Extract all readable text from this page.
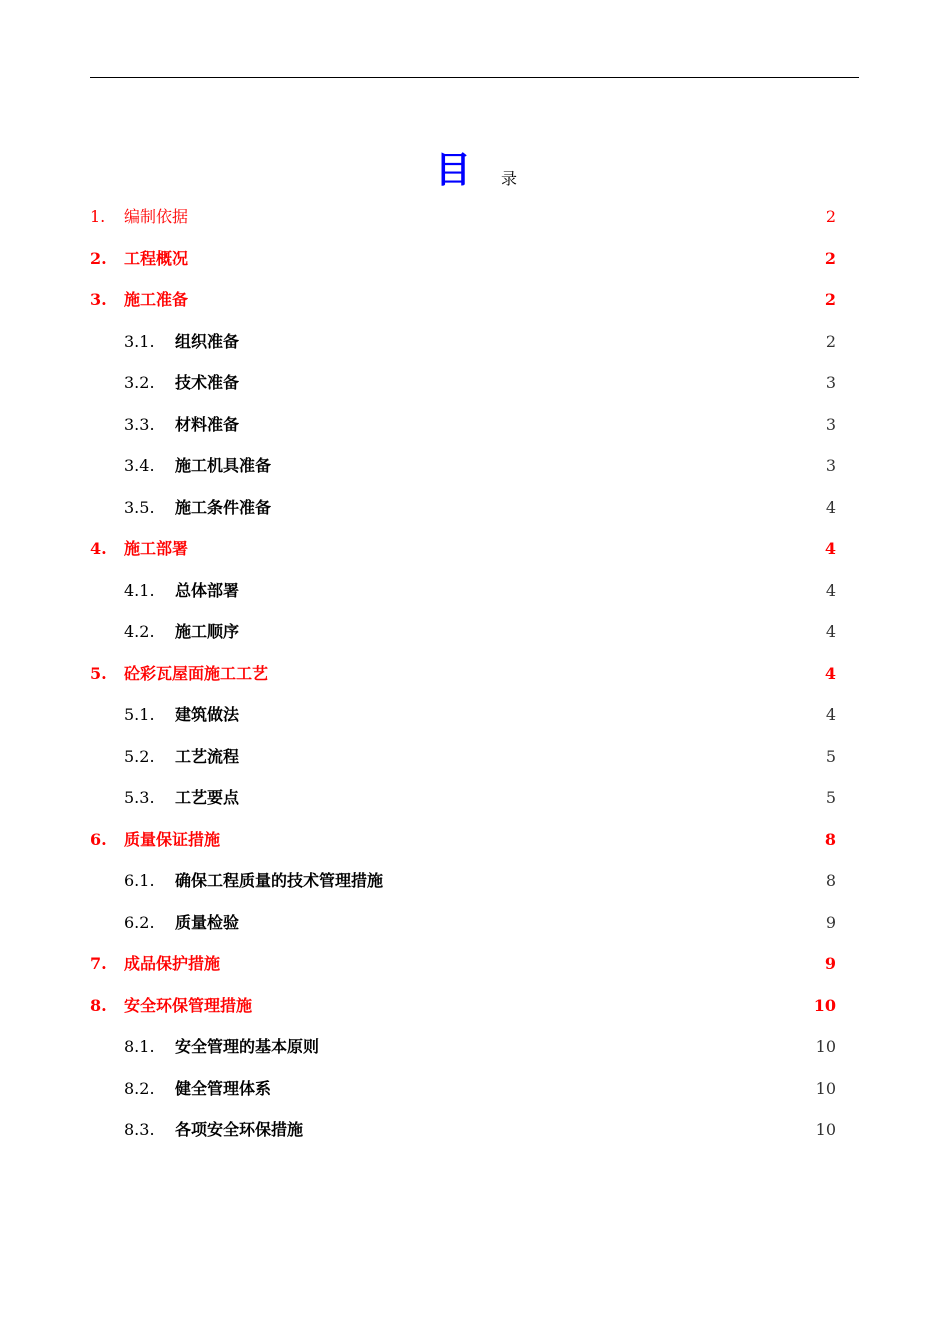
目 录
1. 编制依据	2
2. 工程概况	2
3. 施工准备	2
3.1. 组织准备	2
3.2. 技术准备	3
3.3. 材料准备	3
3.4. 施工机具准备	3
3.5. 施工条件准备	4
4. 施工部署	4
4.1. 总体部署	4
4.2. 施工顺序	4
5. 砼彩瓦屋面施工工艺	4
5.1. 建筑做法	4
5.2. 工艺流程	5
5.3. 工艺要点	5
6. 质量保证措施	8
6.1. 确保工程质量的技术管理措施	8
6.2. 质量检验	9
7. 成品保护措施	9
8. 安全环保管理措施	10
8.1. 安全管理的基本原则	10
8.2. 健全管理体系	10
8.3. 各项安全环保措施	10
